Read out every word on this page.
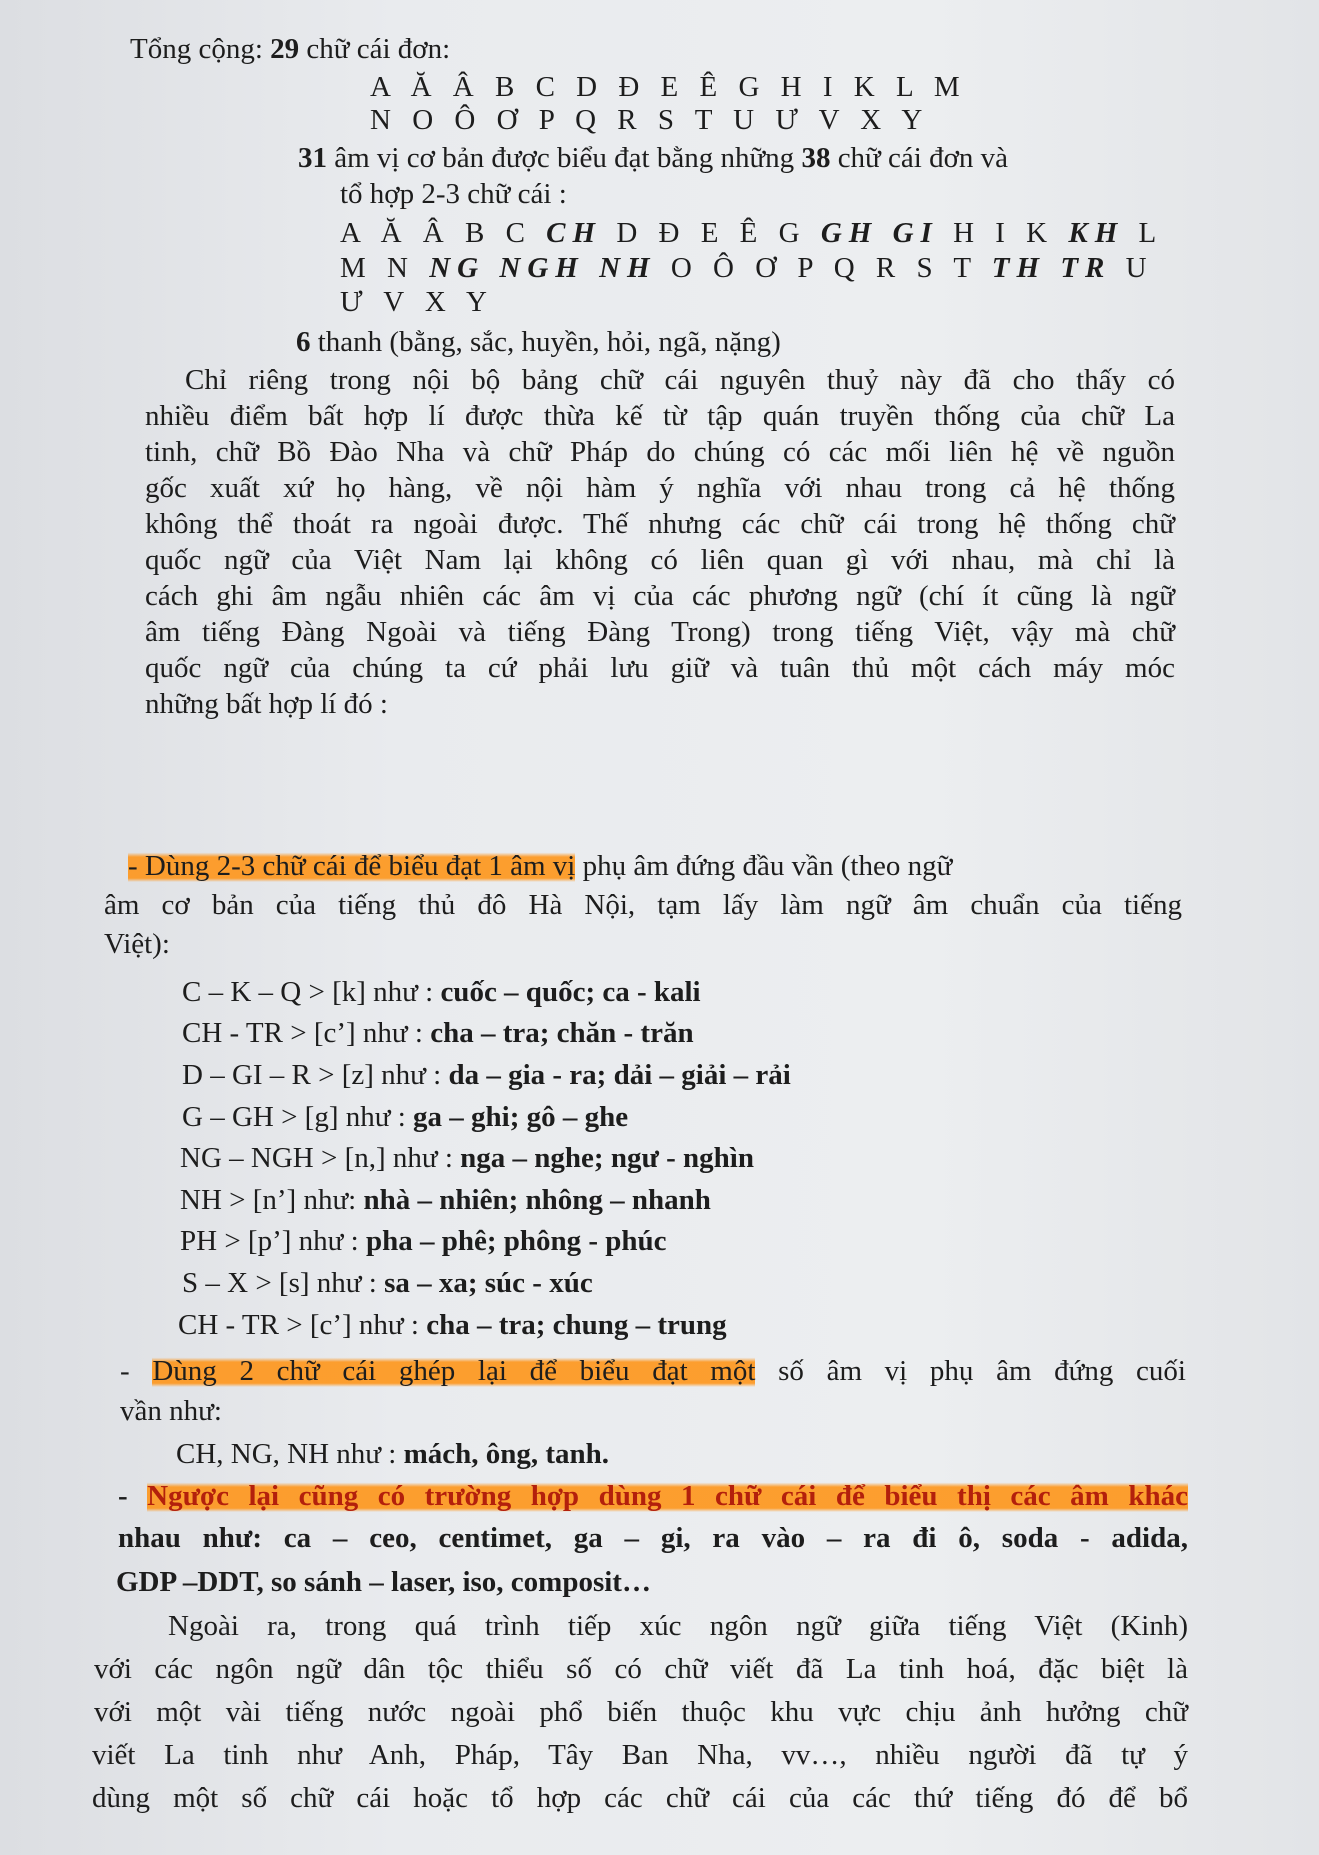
Tổng cộng: 29 chữ cái đơn:
A Ă Â B C D Đ E Ê G H I K L M
N O Ô Ơ P Q R S T U Ư V X Y
31 âm vị cơ bản được biểu đạt bằng những 38 chữ cái đơn và
tổ hợp 2-3 chữ cái :
A Ă Â B C CH D Đ E Ê G GH GI H I K KH L
M N NG NGH NH O Ô Ơ P Q R S T TH TR U
Ư V X Y
6 thanh (bằng, sắc, huyền, hỏi, ngã, nặng)
Chỉ riêng trong nội bộ bảng chữ cái nguyên thuỷ này đã cho thấy có
nhiều điểm bất hợp lí được thừa kế từ tập quán truyền thống của chữ La
tinh, chữ Bồ Đào Nha và chữ Pháp do chúng có các mối liên hệ về nguồn
gốc xuất xứ họ hàng, về nội hàm ý nghĩa với nhau trong cả hệ thống
không thể thoát ra ngoài được. Thế nhưng các chữ cái trong hệ thống chữ
quốc ngữ của Việt Nam lại không có liên quan gì với nhau, mà chỉ là
cách ghi âm ngẫu nhiên các âm vị của các phương ngữ (chí ít cũng là ngữ
âm tiếng Đàng Ngoài và tiếng Đàng Trong) trong tiếng Việt, vậy mà chữ
quốc ngữ của chúng ta cứ phải lưu giữ và tuân thủ một cách máy móc
những bất hợp lí đó :
- Dùng 2-3 chữ cái để biểu đạt 1 âm vị phụ âm đứng đầu vần (theo ngữ
âm cơ bản của tiếng thủ đô Hà Nội, tạm lấy làm ngữ âm chuẩn của tiếng
Việt):
C – K – Q > [k] như : cuốc – quốc; ca - kali
CH - TR > [c’] như : cha – tra; chăn - trăn
D – GI – R > [z] như : da – gia - ra; dải – giải – rải
G – GH > [g] như : ga – ghi; gô – ghe
NG – NGH > [n,] như : nga – nghe; ngư - nghìn
NH > [n’] như: nhà – nhiên; nhông – nhanh
PH > [p’] như : pha – phê; phông - phúc
S – X > [s] như : sa – xa; súc - xúc
CH - TR > [c’] như : cha – tra; chung – trung
- Dùng 2 chữ cái ghép lại để biểu đạt một số âm vị phụ âm đứng cuối
vần như:
CH, NG, NH như : mách, ông, tanh.
- Ngược lại cũng có trường hợp dùng 1 chữ cái để biểu thị các âm khác
nhau như: ca – ceo, centimet, ga – gi, ra vào – ra đi ô, soda - adida,
GDP –DDT, so sánh – laser, iso, composit…
Ngoài ra, trong quá trình tiếp xúc ngôn ngữ giữa tiếng Việt (Kinh)
với các ngôn ngữ dân tộc thiểu số có chữ viết đã La tinh hoá, đặc biệt là
với một vài tiếng nước ngoài phổ biến thuộc khu vực chịu ảnh hưởng chữ
viết La tinh như Anh, Pháp, Tây Ban Nha, vv…, nhiều người đã tự ý
dùng một số chữ cái hoặc tổ hợp các chữ cái của các thứ tiếng đó để bổ
